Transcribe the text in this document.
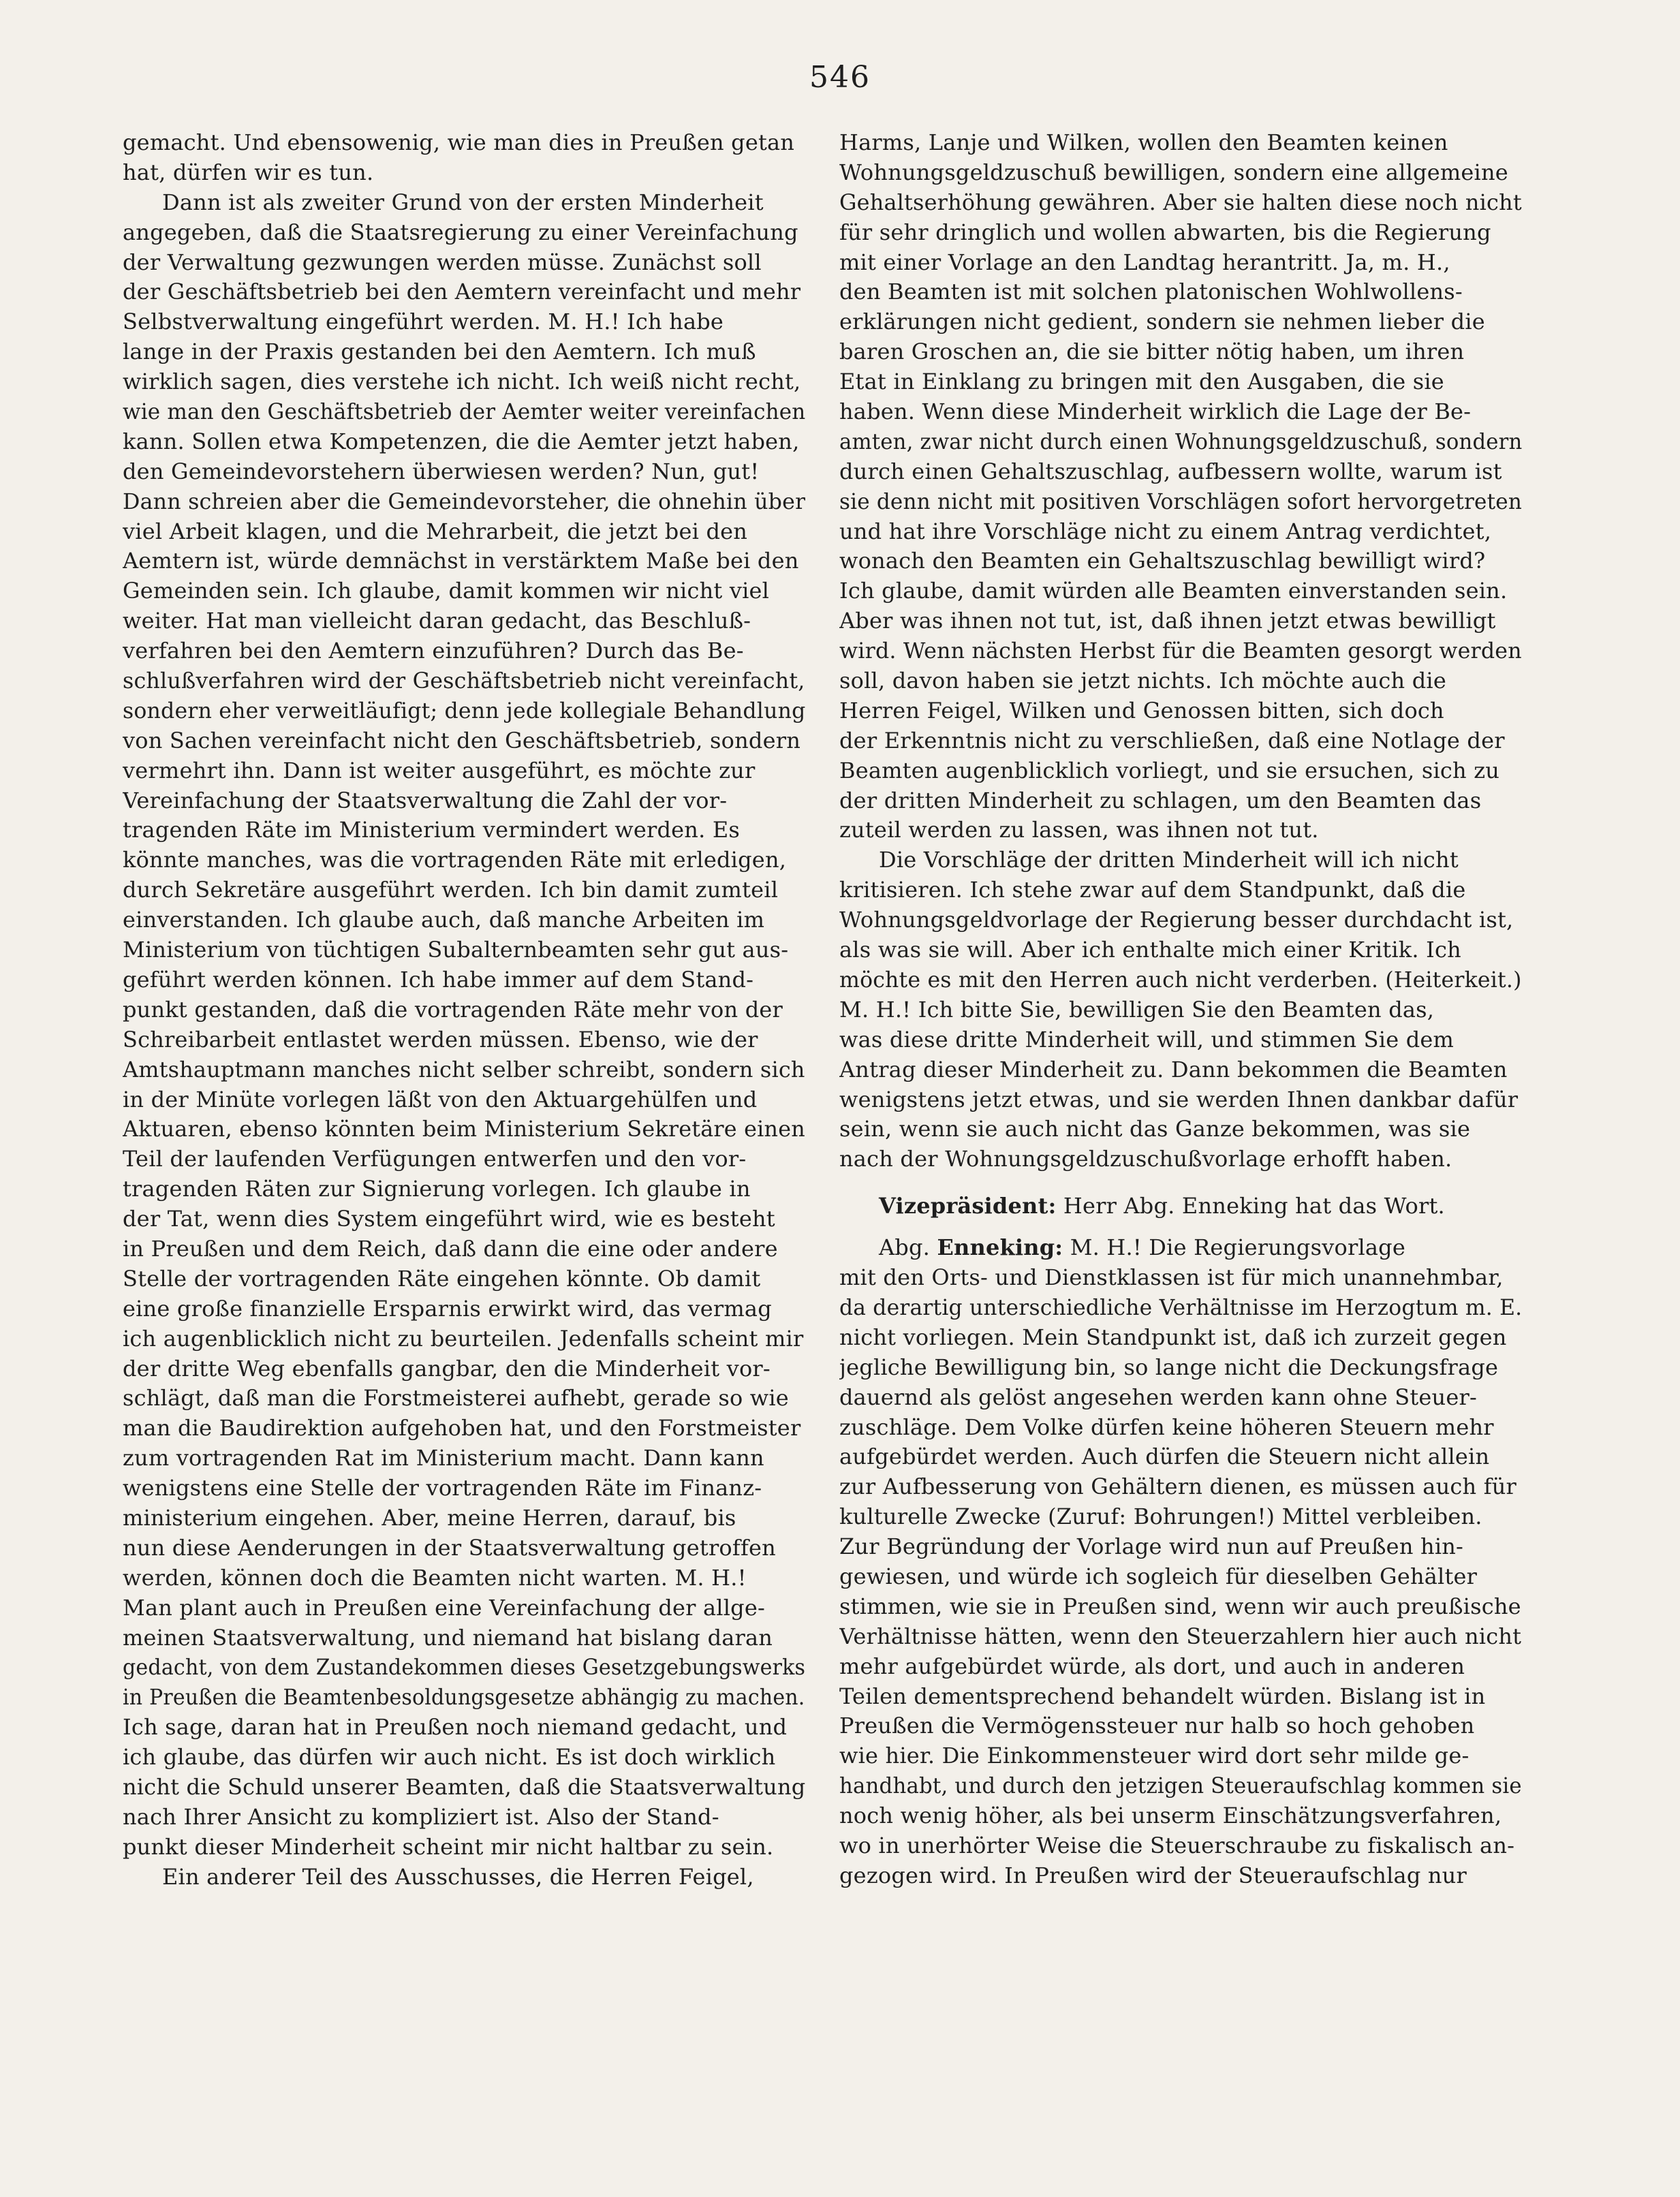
546
gemacht. Und ebensowenig, wie man dies in Preußen getan
hat, dürfen wir es tun.
Dann ist als zweiter Grund von der ersten Minderheit
angegeben, daß die Staatsregierung zu einer Vereinfachung
der Verwaltung gezwungen werden müsse. Zunächst soll
der Geschäftsbetrieb bei den Aemtern vereinfacht und mehr
Selbstverwaltung eingeführt werden. M. H.! Ich habe
lange in der Praxis gestanden bei den Aemtern. Ich muß
wirklich sagen, dies verstehe ich nicht. Ich weiß nicht recht,
wie man den Geschäftsbetrieb der Aemter weiter vereinfachen
kann. Sollen etwa Kompetenzen, die die Aemter jetzt haben,
den Gemeindevorstehern überwiesen werden? Nun, gut!
Dann schreien aber die Gemeindevorsteher, die ohnehin über
viel Arbeit klagen, und die Mehrarbeit, die jetzt bei den
Aemtern ist, würde demnächst in verstärktem Maße bei den
Gemeinden sein. Ich glaube, damit kommen wir nicht viel
weiter. Hat man vielleicht daran gedacht, das Beschluß-
verfahren bei den Aemtern einzuführen? Durch das Be-
schlußverfahren wird der Geschäftsbetrieb nicht vereinfacht,
sondern eher verweitläufigt; denn jede kollegiale Behandlung
von Sachen vereinfacht nicht den Geschäftsbetrieb, sondern
vermehrt ihn. Dann ist weiter ausgeführt, es möchte zur
Vereinfachung der Staatsverwaltung die Zahl der vor-
tragenden Räte im Ministerium vermindert werden. Es
könnte manches, was die vortragenden Räte mit erledigen,
durch Sekretäre ausgeführt werden. Ich bin damit zumteil
einverstanden. Ich glaube auch, daß manche Arbeiten im
Ministerium von tüchtigen Subalternbeamten sehr gut aus-
geführt werden können. Ich habe immer auf dem Stand-
punkt gestanden, daß die vortragenden Räte mehr von der
Schreibarbeit entlastet werden müssen. Ebenso, wie der
Amtshauptmann manches nicht selber schreibt, sondern sich
in der Minüte vorlegen läßt von den Aktuargehülfen und
Aktuaren, ebenso könnten beim Ministerium Sekretäre einen
Teil der laufenden Verfügungen entwerfen und den vor-
tragenden Räten zur Signierung vorlegen. Ich glaube in
der Tat, wenn dies System eingeführt wird, wie es besteht
in Preußen und dem Reich, daß dann die eine oder andere
Stelle der vortragenden Räte eingehen könnte. Ob damit
eine große finanzielle Ersparnis erwirkt wird, das vermag
ich augenblicklich nicht zu beurteilen. Jedenfalls scheint mir
der dritte Weg ebenfalls gangbar, den die Minderheit vor-
schlägt, daß man die Forstmeisterei aufhebt, gerade so wie
man die Baudirektion aufgehoben hat, und den Forstmeister
zum vortragenden Rat im Ministerium macht. Dann kann
wenigstens eine Stelle der vortragenden Räte im Finanz-
ministerium eingehen. Aber, meine Herren, darauf, bis
nun diese Aenderungen in der Staatsverwaltung getroffen
werden, können doch die Beamten nicht warten. M. H.!
Man plant auch in Preußen eine Vereinfachung der allge-
meinen Staatsverwaltung, und niemand hat bislang daran
gedacht, von dem Zustandekommen dieses Gesetzgebungswerks
in Preußen die Beamtenbesoldungsgesetze abhängig zu machen.
Ich sage, daran hat in Preußen noch niemand gedacht, und
ich glaube, das dürfen wir auch nicht. Es ist doch wirklich
nicht die Schuld unserer Beamten, daß die Staatsverwaltung
nach Ihrer Ansicht zu kompliziert ist. Also der Stand-
punkt dieser Minderheit scheint mir nicht haltbar zu sein.
Ein anderer Teil des Ausschusses, die Herren Feigel,
Harms, Lanje und Wilken, wollen den Beamten keinen
Wohnungsgeldzuschuß bewilligen, sondern eine allgemeine
Gehaltserhöhung gewähren. Aber sie halten diese noch nicht
für sehr dringlich und wollen abwarten, bis die Regierung
mit einer Vorlage an den Landtag herantritt. Ja, m. H.,
den Beamten ist mit solchen platonischen Wohlwollens-
erklärungen nicht gedient, sondern sie nehmen lieber die
baren Groschen an, die sie bitter nötig haben, um ihren
Etat in Einklang zu bringen mit den Ausgaben, die sie
haben. Wenn diese Minderheit wirklich die Lage der Be-
amten, zwar nicht durch einen Wohnungsgeldzuschuß, sondern
durch einen Gehaltszuschlag, aufbessern wollte, warum ist
sie denn nicht mit positiven Vorschlägen sofort hervorgetreten
und hat ihre Vorschläge nicht zu einem Antrag verdichtet,
wonach den Beamten ein Gehaltszuschlag bewilligt wird?
Ich glaube, damit würden alle Beamten einverstanden sein.
Aber was ihnen not tut, ist, daß ihnen jetzt etwas bewilligt
wird. Wenn nächsten Herbst für die Beamten gesorgt werden
soll, davon haben sie jetzt nichts. Ich möchte auch die
Herren Feigel, Wilken und Genossen bitten, sich doch
der Erkenntnis nicht zu verschließen, daß eine Notlage der
Beamten augenblicklich vorliegt, und sie ersuchen, sich zu
der dritten Minderheit zu schlagen, um den Beamten das
zuteil werden zu lassen, was ihnen not tut.
Die Vorschläge der dritten Minderheit will ich nicht
kritisieren. Ich stehe zwar auf dem Standpunkt, daß die
Wohnungsgeldvorlage der Regierung besser durchdacht ist,
als was sie will. Aber ich enthalte mich einer Kritik. Ich
möchte es mit den Herren auch nicht verderben. (Heiterkeit.)
M. H.! Ich bitte Sie, bewilligen Sie den Beamten das,
was diese dritte Minderheit will, und stimmen Sie dem
Antrag dieser Minderheit zu. Dann bekommen die Beamten
wenigstens jetzt etwas, und sie werden Ihnen dankbar dafür
sein, wenn sie auch nicht das Ganze bekommen, was sie
nach der Wohnungsgeldzuschußvorlage erhofft haben.
Vizepräsident: Herr Abg. Enneking hat das Wort.
Abg. Enneking: M. H.! Die Regierungsvorlage
mit den Orts- und Dienstklassen ist für mich unannehmbar,
da derartig unterschiedliche Verhältnisse im Herzogtum m. E.
nicht vorliegen. Mein Standpunkt ist, daß ich zurzeit gegen
jegliche Bewilligung bin, so lange nicht die Deckungsfrage
dauernd als gelöst angesehen werden kann ohne Steuer-
zuschläge. Dem Volke dürfen keine höheren Steuern mehr
aufgebürdet werden. Auch dürfen die Steuern nicht allein
zur Aufbesserung von Gehältern dienen, es müssen auch für
kulturelle Zwecke (Zuruf: Bohrungen!) Mittel verbleiben.
Zur Begründung der Vorlage wird nun auf Preußen hin-
gewiesen, und würde ich sogleich für dieselben Gehälter
stimmen, wie sie in Preußen sind, wenn wir auch preußische
Verhältnisse hätten, wenn den Steuerzahlern hier auch nicht
mehr aufgebürdet würde, als dort, und auch in anderen
Teilen dementsprechend behandelt würden. Bislang ist in
Preußen die Vermögenssteuer nur halb so hoch gehoben
wie hier. Die Einkommensteuer wird dort sehr milde ge-
handhabt, und durch den jetzigen Steueraufschlag kommen sie
noch wenig höher, als bei unserm Einschätzungsverfahren,
wo in unerhörter Weise die Steuerschraube zu fiskalisch an-
gezogen wird. In Preußen wird der Steueraufschlag nur
